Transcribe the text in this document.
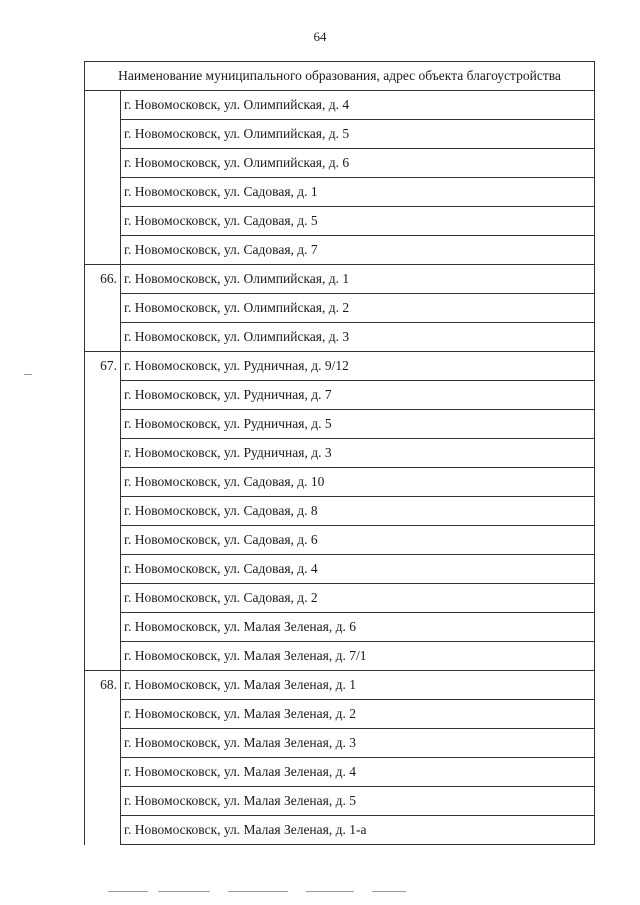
64
Наименование муниципального образования, адрес объекта благоустройства	
	г. Новомосковск, ул. Олимпийская, д. 4
	г. Новомосковск, ул. Олимпийская, д. 5
	г. Новомосковск, ул. Олимпийская, д. 6
	г. Новомосковск, ул. Садовая, д. 1
	г. Новомосковск, ул. Садовая, д. 5
	г. Новомосковск, ул. Садовая, д. 7
66.	г. Новомосковск, ул. Олимпийская, д. 1
	г. Новомосковск, ул. Олимпийская, д. 2
	г. Новомосковск, ул. Олимпийская, д. 3
67.	г. Новомосковск, ул. Рудничная, д. 9/12
	г. Новомосковск, ул. Рудничная, д. 7
	г. Новомосковск, ул. Рудничная, д. 5
	г. Новомосковск, ул. Рудничная, д. 3
	г. Новомосковск, ул. Садовая, д. 10
	г. Новомосковск, ул. Садовая, д. 8
	г. Новомосковск, ул. Садовая, д. 6
	г. Новомосковск, ул. Садовая, д. 4
	г. Новомосковск, ул. Садовая, д. 2
	г. Новомосковск, ул. Малая Зеленая, д. 6
	г. Новомосковск, ул. Малая Зеленая, д. 7/1
68.	г. Новомосковск, ул. Малая Зеленая, д. 1
	г. Новомосковск, ул. Малая Зеленая, д. 2
	г. Новомосковск, ул. Малая Зеленая, д. 3
	г. Новомосковск, ул. Малая Зеленая, д. 4
	г. Новомосковск, ул. Малая Зеленая, д. 5
	г. Новомосковск, ул. Малая Зеленая, д. 1-а
